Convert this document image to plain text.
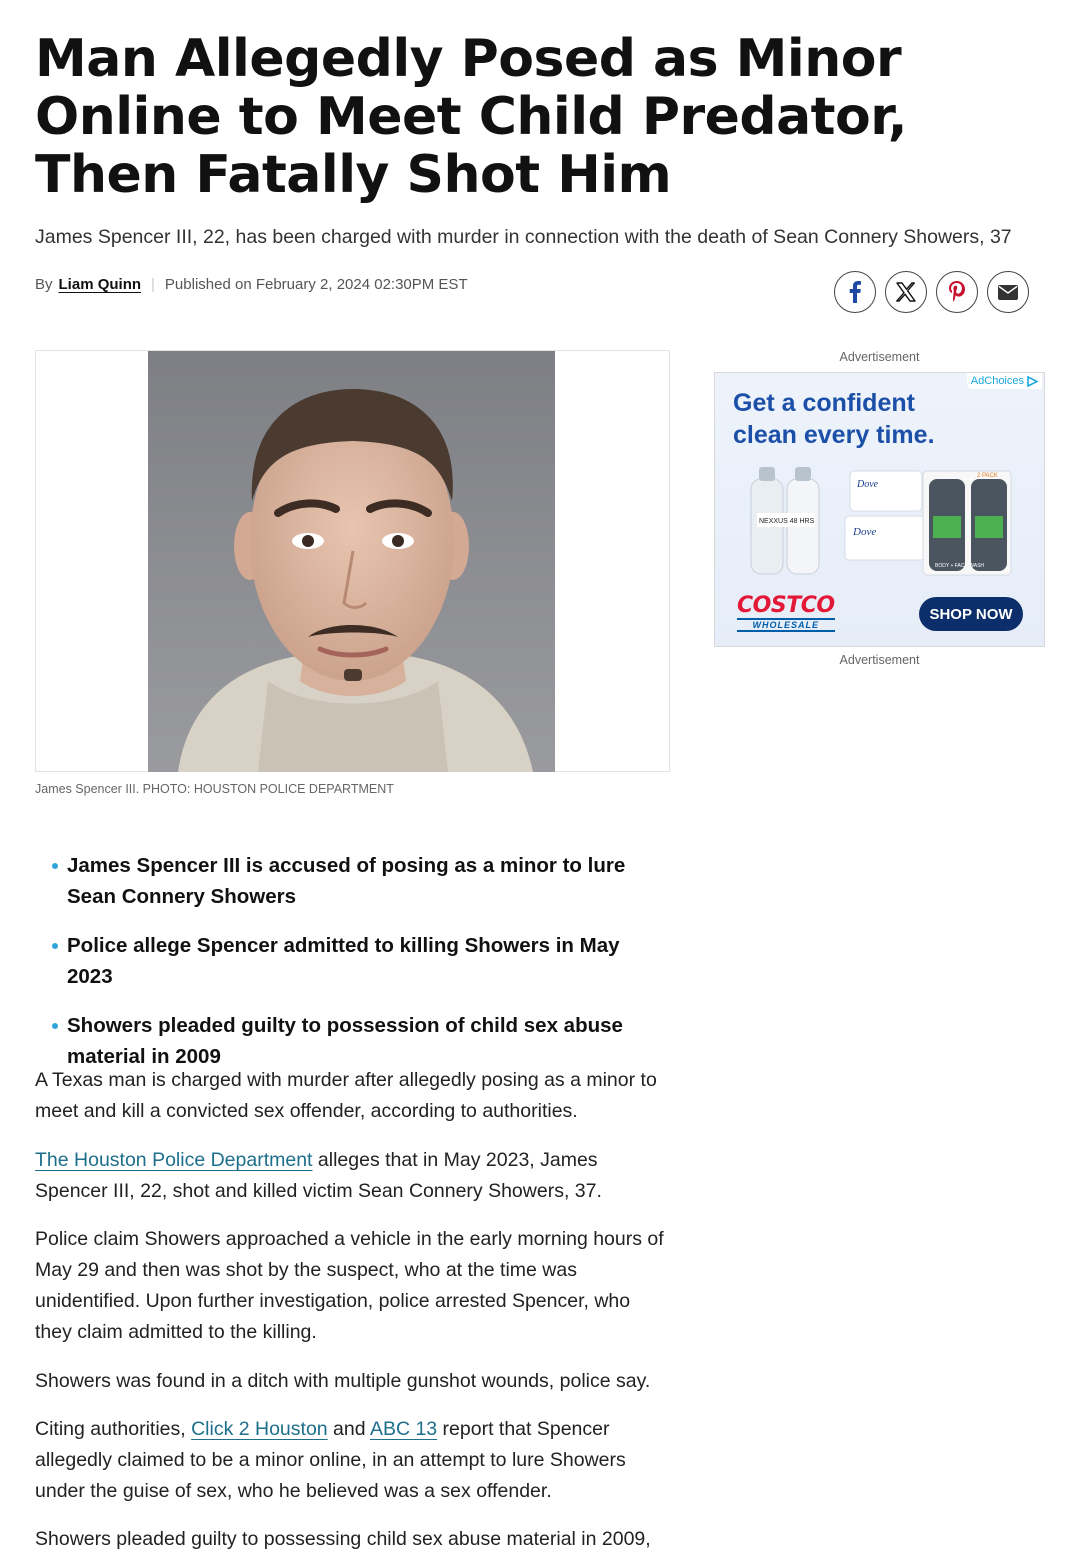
Man Allegedly Posed as Minor Online to Meet Child Predator, Then Fatally Shot Him

James Spencer III, 22, has been charged with murder in connection with the death of Sean Connery Showers, 37

By Liam Quinn | Published on February 2, 2024 02:30PM EST
James Spencer III. PHOTO: HOUSTON POLICE DEPARTMENT
James Spencer III is accused of posing as a minor to lure Sean Connery Showers
Police allege Spencer admitted to killing Showers in May 2023
Showers pleaded guilty to possession of child sex abuse material in 2009

A Texas man is charged with murder after allegedly posing as a minor to meet and kill a convicted sex offender, according to authorities.

The Houston Police Department alleges that in May 2023, James Spencer III, 22, shot and killed victim Sean Connery Showers, 37.

Police claim Showers approached a vehicle in the early morning hours of May 29 and then was shot by the suspect, who at the time was unidentified. Upon further investigation, police arrested Spencer, who they claim admitted to the killing.

Showers was found in a ditch with multiple gunshot wounds, police say.

Citing authorities, Click 2 Houston and ABC 13 report that Spencer allegedly claimed to be a minor online, in an attempt to lure Showers under the guise of sex, who he believed was a sex offender.

Showers pleaded guilty to possessing child sex abuse material in 2009,

Advertisement
AdChoices

Get a confident
clean every time.

NEXXUS 48 HRS
Dove
Dove
2 PACK
BODY + FACE WASH
COSTCO
WHOLESALE
SHOP NOW
Advertisement
